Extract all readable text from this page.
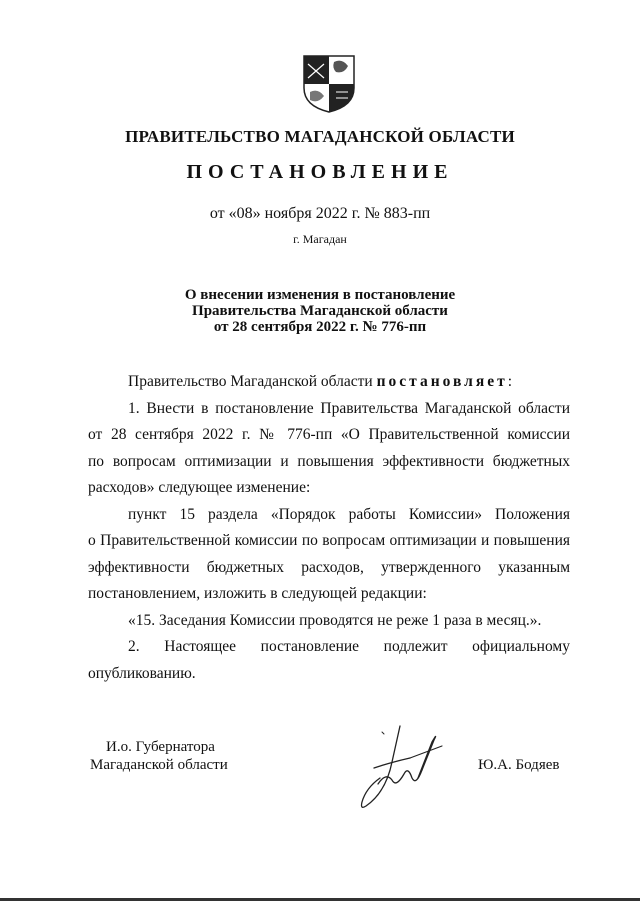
ПРАВИТЕЛЬСТВО МАГАДАНСКОЙ ОБЛАСТИ
ПОСТАНОВЛЕНИЕ
от «08» ноября 2022 г. № 883-пп
г. Магадан
О внесении изменения в постановление
Правительства Магаданской области
от 28 сентября 2022 г. № 776-пп
Правительство Магаданской области постановляет:
1. Внести в постановление Правительства Магаданской области
от 28 сентября 2022 г. № 776-пп «О Правительственной комиссии
по вопросам оптимизации и повышения эффективности бюджетных
расходов» следующее изменение:
пункт 15 раздела «Порядок работы Комиссии» Положения
о Правительственной комиссии по вопросам оптимизации и повышения
эффективности бюджетных расходов, утвержденного указанным
постановлением, изложить в следующей редакции:
«15. Заседания Комиссии проводятся не реже 1 раза в месяц.».
2. Настоящее постановление подлежит официальному
опубликованию.
И.о. Губернатора
Магаданской области	Ю.А. Бодяев
